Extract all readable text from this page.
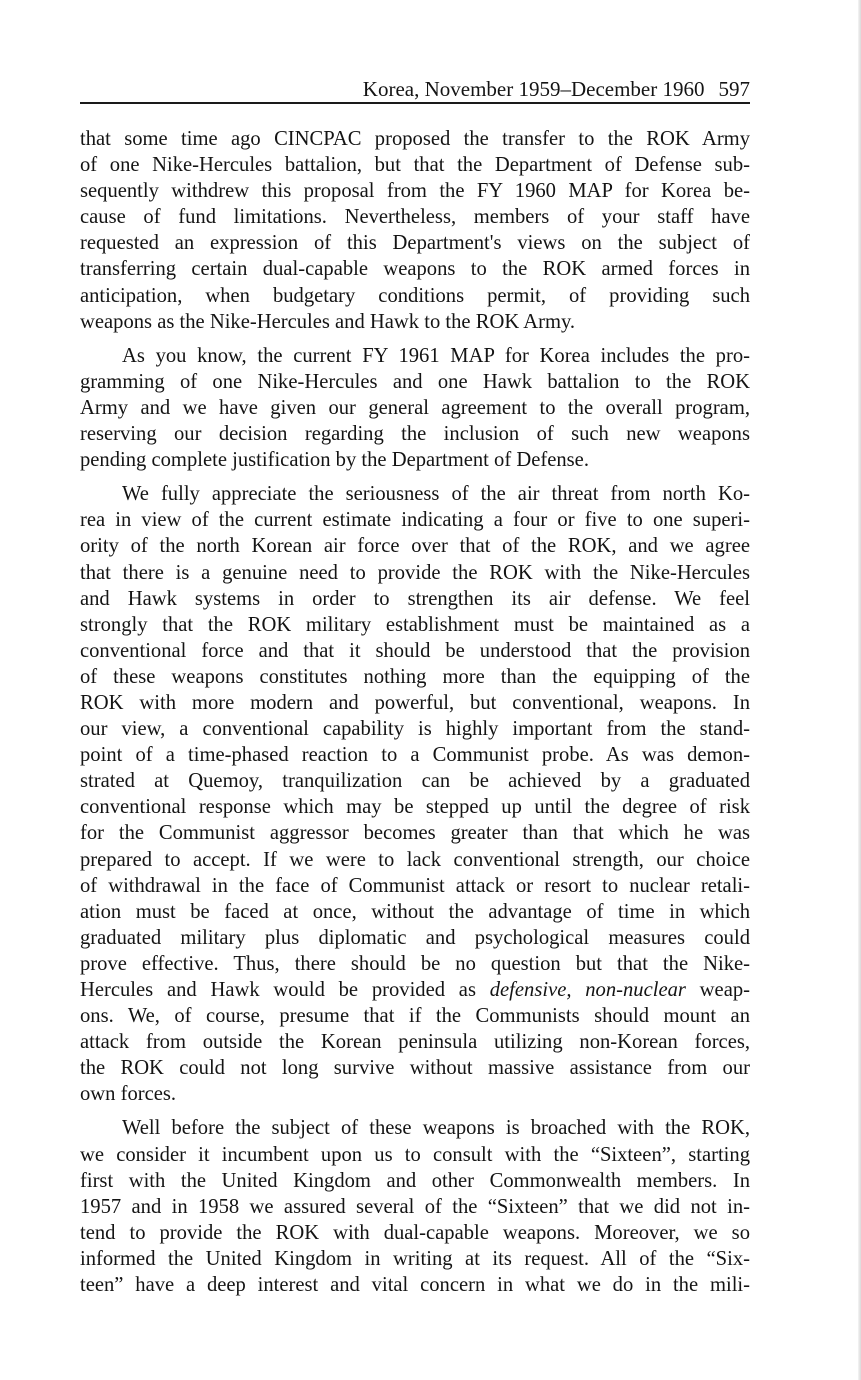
Korea, November 1959–December 1960 597
that some time ago CINCPAC proposed the transfer to the ROK Army
of one Nike-Hercules battalion, but that the Department of Defense sub-
sequently withdrew this proposal from the FY 1960 MAP for Korea be-
cause of fund limitations. Nevertheless, members of your staff have
requested an expression of this Department's views on the subject of
transferring certain dual-capable weapons to the ROK armed forces in
anticipation, when budgetary conditions permit, of providing such
weapons as the Nike-Hercules and Hawk to the ROK Army.
As you know, the current FY 1961 MAP for Korea includes the pro-
gramming of one Nike-Hercules and one Hawk battalion to the ROK
Army and we have given our general agreement to the overall program,
reserving our decision regarding the inclusion of such new weapons
pending complete justification by the Department of Defense.
We fully appreciate the seriousness of the air threat from north Ko-
rea in view of the current estimate indicating a four or five to one superi-
ority of the north Korean air force over that of the ROK, and we agree
that there is a genuine need to provide the ROK with the Nike-Hercules
and Hawk systems in order to strengthen its air defense. We feel
strongly that the ROK military establishment must be maintained as a
conventional force and that it should be understood that the provision
of these weapons constitutes nothing more than the equipping of the
ROK with more modern and powerful, but conventional, weapons. In
our view, a conventional capability is highly important from the stand-
point of a time-phased reaction to a Communist probe. As was demon-
strated at Quemoy, tranquilization can be achieved by a graduated
conventional response which may be stepped up until the degree of risk
for the Communist aggressor becomes greater than that which he was
prepared to accept. If we were to lack conventional strength, our choice
of withdrawal in the face of Communist attack or resort to nuclear retali-
ation must be faced at once, without the advantage of time in which
graduated military plus diplomatic and psychological measures could
prove effective. Thus, there should be no question but that the Nike-
Hercules and Hawk would be provided as defensive, non-nuclear weap-
ons. We, of course, presume that if the Communists should mount an
attack from outside the Korean peninsula utilizing non-Korean forces,
the ROK could not long survive without massive assistance from our
own forces.
Well before the subject of these weapons is broached with the ROK,
we consider it incumbent upon us to consult with the “Sixteen”, starting
first with the United Kingdom and other Commonwealth members. In
1957 and in 1958 we assured several of the “Sixteen” that we did not in-
tend to provide the ROK with dual-capable weapons. Moreover, we so
informed the United Kingdom in writing at its request. All of the “Six-
teen” have a deep interest and vital concern in what we do in the mili-
